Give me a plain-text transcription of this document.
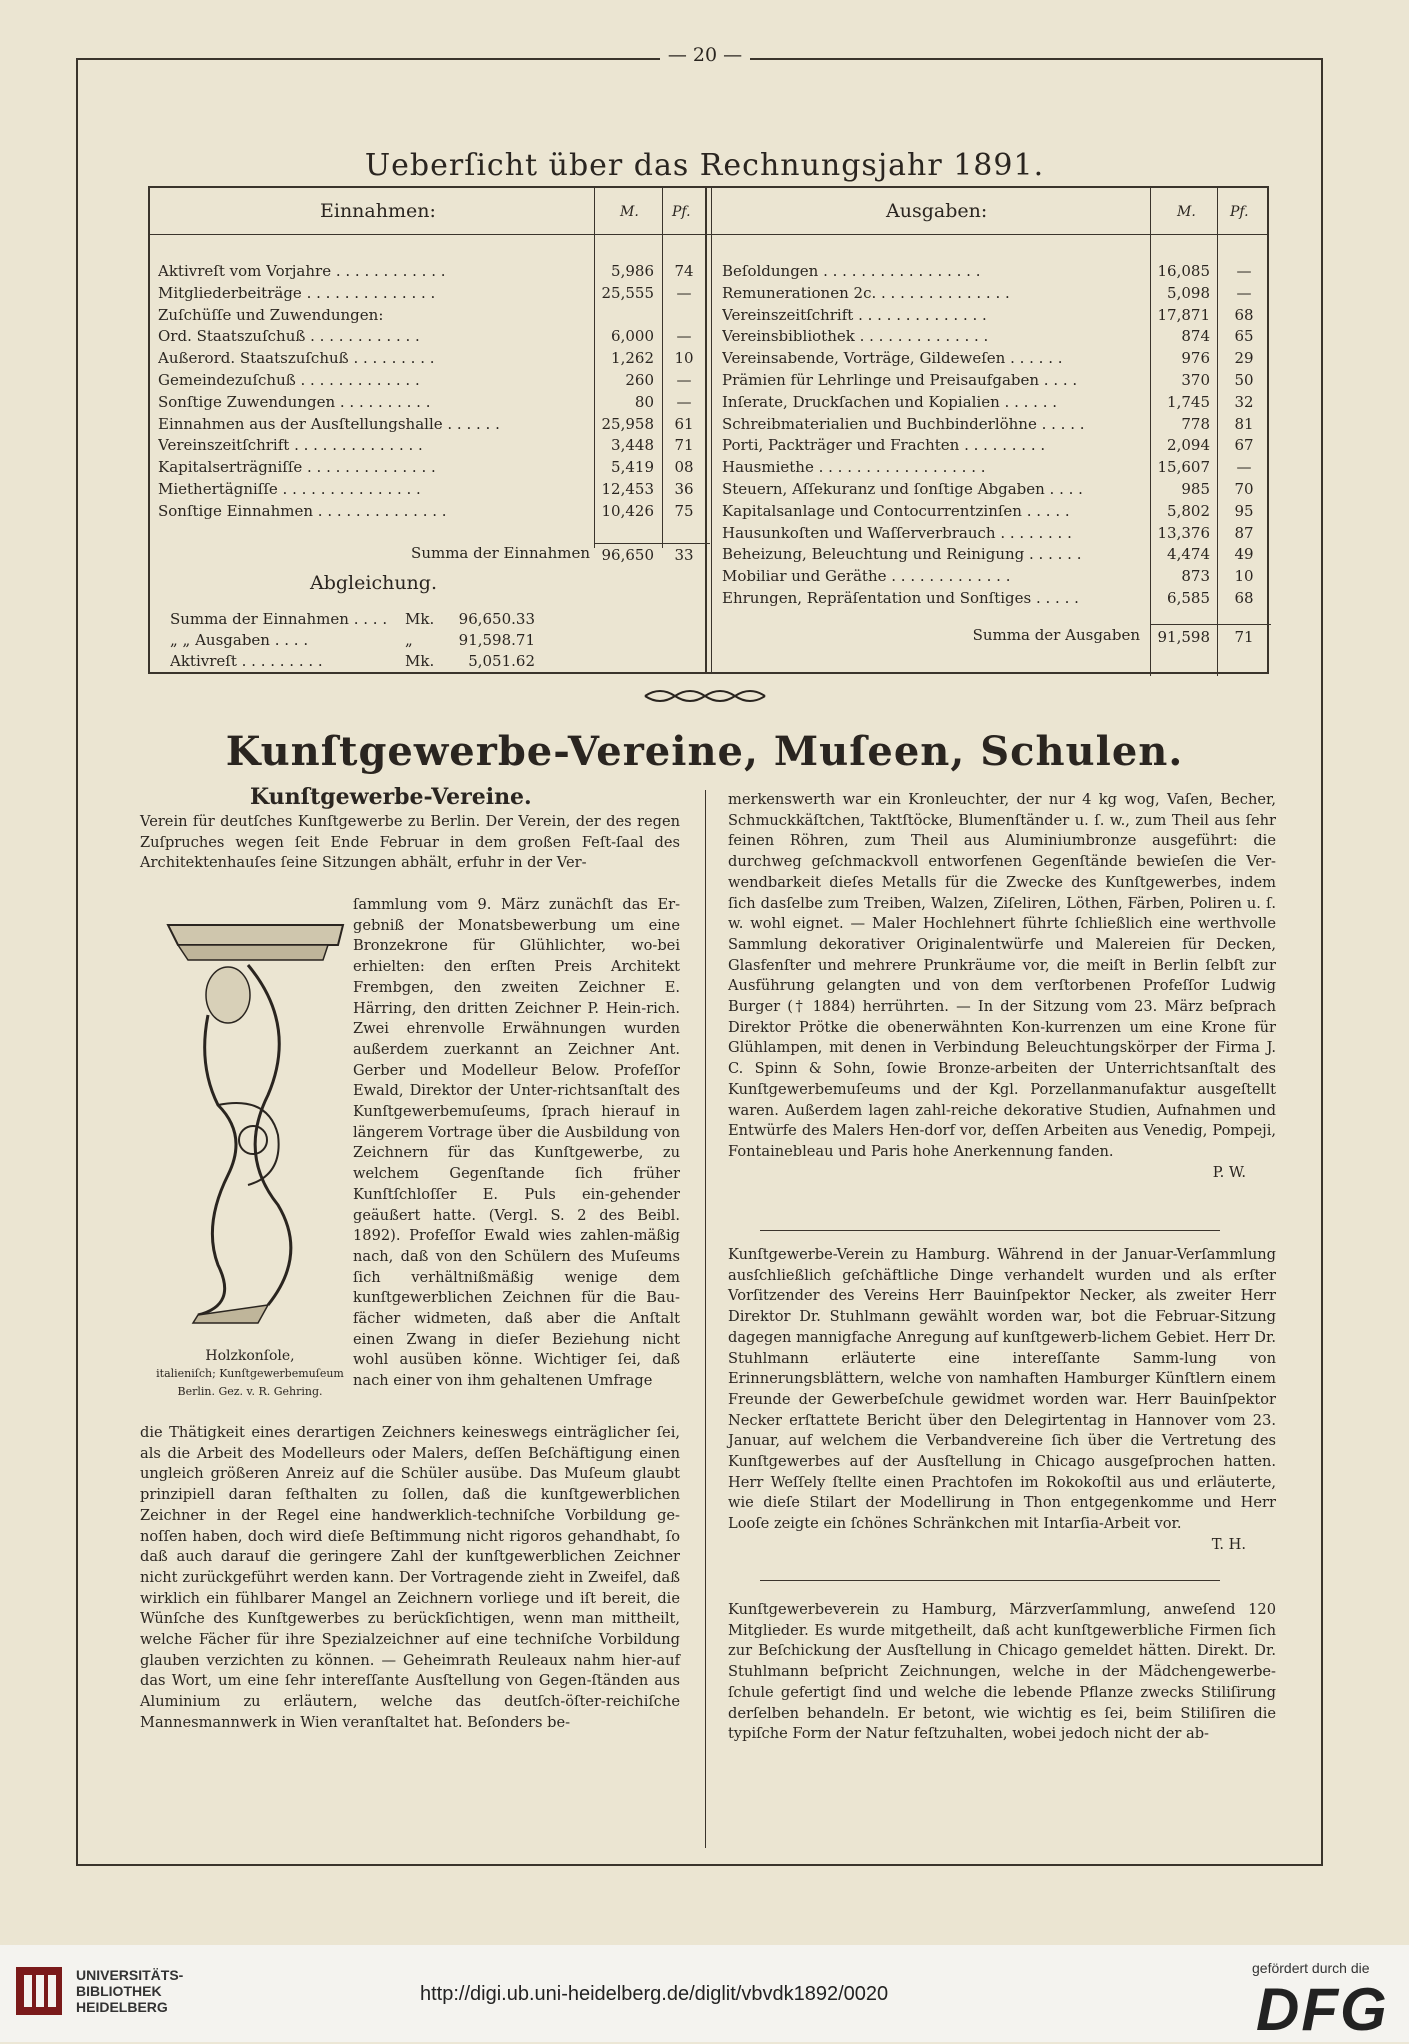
— 20 —
Ueberſicht über das Rechnungsjahr 1891.
Einnahmen:	M. Pf.	Ausgaben:	M. Pf.
Aktivreſt vom Vorjahre . . . . . . . . . . . .	5,986	74
Mitgliederbeiträge . . . . . . . . . . . . . .	25,555	—
Zuſchüſſe und Zuwendungen:
Ord. Staatszuſchuß . . . . . . . . . . . .	6,000	—
Außerord. Staatszuſchuß . . . . . . . . .	1,262	10
Gemeindezuſchuß . . . . . . . . . . . . .	260	—
Sonſtige Zuwendungen . . . . . . . . . .	80	—
Einnahmen aus der Ausſtellungshalle . . . . . .	25,958	61
Vereinszeitſchrift . . . . . . . . . . . . . .	3,448	71
Kapitalserträgniſſe . . . . . . . . . . . . . .	5,419	08
Miethertägniſſe . . . . . . . . . . . . . . .	12,453	36
Sonſtige Einnahmen . . . . . . . . . . . . . .	10,426	75
Beſoldungen . . . . . . . . . . . . . . . . .	16,085	—
Remunerationen 2c. . . . . . . . . . . . . . .	5,098	—
Vereinszeitſchrift . . . . . . . . . . . . . .	17,871	68
Vereinsbibliothek . . . . . . . . . . . . . .	874	65
Vereinsabende, Vorträge, Gildeweſen . . . . . .	976	29
Prämien für Lehrlinge und Preisaufgaben . . . .	370	50
Inſerate, Druckſachen und Kopialien . . . . . .	1,745	32
Schreibmaterialien und Buchbinderlöhne . . . . .	778	81
Porti, Packträger und Frachten . . . . . . . . .	2,094	67
Hausmiethe . . . . . . . . . . . . . . . . . .	15,607	—
Steuern, Aſſekuranz und ſonſtige Abgaben . . . .	985	70
Kapitalsanlage und Contocurrentzinſen . . . . .	5,802	95
Hausunkoſten und Waſſerverbrauch . . . . . . . .	13,376	87
Beheizung, Beleuchtung und Reinigung . . . . . .	4,474	49
Mobiliar und Geräthe . . . . . . . . . . . . .	873	10
Ehrungen, Repräſentation und Sonſtiges . . . . .	6,585	68
Summa der Einnahmen 96,650	33
Summa der Ausgaben 91,598	71
Abgleichung.
Summa der Einnahmen . . . .	Mk.	96,650.33
„ „ Ausgaben . . . .	„	91,598.71
Aktivreſt . . . . . . . . .	Mk.	5,051.62
Kunſtgewerbe-Vereine, Muſeen, Schulen.
Kunſtgewerbe-Vereine.

Verein für deutſches Kunſtgewerbe zu Berlin. Der Verein, der des regen Zuſpruches wegen ſeit Ende Februar in dem großen Feſt-ſaal des Architektenhauſes ſeine Sitzungen abhält, erfuhr in der Ver-

Holzkonſole,
italieniſch; Kunſtgewerbemuſeum
Berlin. Gez. v. R. Gehring.

ſammlung vom 9. März zunächſt das Er-gebniß der Monatsbewerbung um eine Bronzekrone für Glühlichter, wo-bei erhielten: den erſten Preis Architekt Frembgen, den zweiten Zeichner E. Härring, den dritten Zeichner P. Hein-rich. Zwei ehrenvolle Erwähnungen wurden außerdem zuerkannt an Zeichner Ant. Gerber und Modelleur Below. Profeſſor Ewald, Direktor der Unter-richtsanſtalt des Kunſtgewerbemuſeums, ſprach hierauf in längerem Vortrage über die Ausbildung von Zeichnern für das Kunſtgewerbe, zu welchem Gegenſtande ſich früher Kunſtſchloſſer E. Puls ein-gehender geäußert hatte. (Vergl. S. 2 des Beibl. 1892). Profeſſor Ewald wies zahlen-mäßig nach, daß von den Schülern des Muſeums ſich verhältnißmäßig wenige dem kunſtgewerblichen Zeichnen für die Bau-fächer widmeten, daß aber die Anſtalt einen Zwang in dieſer Beziehung nicht wohl ausüben könne. Wichtiger ſei, daß nach einer von ihm gehaltenen Umfrage

die Thätigkeit eines derartigen Zeichners keineswegs einträglicher ſei, als die Arbeit des Modelleurs oder Malers, deſſen Beſchäftigung einen ungleich größeren Anreiz auf die Schüler ausübe. Das Muſeum glaubt prinzipiell daran feſthalten zu ſollen, daß die kunſtgewerblichen Zeichner in der Regel eine handwerklich-techniſche Vorbildung ge-noſſen haben, doch wird dieſe Beſtimmung nicht rigoros gehandhabt, ſo daß auch darauf die geringere Zahl der kunſtgewerblichen Zeichner nicht zurückgeführt werden kann. Der Vortragende zieht in Zweifel, daß wirklich ein fühlbarer Mangel an Zeichnern vorliege und iſt bereit, die Wünſche des Kunſtgewerbes zu berückſichtigen, wenn man mittheilt, welche Fächer für ihre Spezialzeichner auf eine techniſche Vorbildung glauben verzichten zu können. — Geheimrath Reuleaux nahm hier-auf das Wort, um eine ſehr intereſſante Ausſtellung von Gegen-ſtänden aus Aluminium zu erläutern, welche das deutſch-öſter-reichiſche Mannesmannwerk in Wien veranſtaltet hat. Beſonders be-

merkenswerth war ein Kronleuchter, der nur 4 kg wog, Vaſen, Becher, Schmuckkäſtchen, Taktſtöcke, Blumenſtänder u. ſ. w., zum Theil aus ſehr feinen Röhren, zum Theil aus Aluminiumbronze ausgeführt: die durchweg geſchmackvoll entworfenen Gegenſtände bewieſen die Ver-wendbarkeit dieſes Metalls für die Zwecke des Kunſtgewerbes, indem ſich dasſelbe zum Treiben, Walzen, Ziſeliren, Löthen, Färben, Poliren u. ſ. w. wohl eignet. — Maler Hochlehnert führte ſchließlich eine werthvolle Sammlung dekorativer Originalentwürfe und Malereien für Decken, Glasfenſter und mehrere Prunkräume vor, die meiſt in Berlin ſelbſt zur Ausführung gelangten und von dem verſtorbenen Profeſſor Ludwig Burger († 1884) herrührten. — In der Sitzung vom 23. März beſprach Direktor Prötke die obenerwähnten Kon-kurrenzen um eine Krone für Glühlampen, mit denen in Verbindung Beleuchtungskörper der Firma J. C. Spinn & Sohn, ſowie Bronze-arbeiten der Unterrichtsanſtalt des Kunſtgewerbemuſeums und der Kgl. Porzellanmanufaktur ausgeſtellt waren. Außerdem lagen zahl-reiche dekorative Studien, Aufnahmen und Entwürfe des Malers Hen-dorf vor, deſſen Arbeiten aus Venedig, Pompeji, Fontainebleau und Paris hohe Anerkennung fanden.

P. W.

Kunſtgewerbe-Verein zu Hamburg. Während in der Januar-Verſammlung ausſchließlich geſchäftliche Dinge verhandelt wurden und als erſter Vorſitzender des Vereins Herr Bauinſpektor Necker, als zweiter Herr Direktor Dr. Stuhlmann gewählt worden war, bot die Februar-Sitzung dagegen mannigfache Anregung auf kunſtgewerb-lichem Gebiet. Herr Dr. Stuhlmann erläuterte eine intereſſante Samm-lung von Erinnerungsblättern, welche von namhaften Hamburger Künſtlern einem Freunde der Gewerbeſchule gewidmet worden war. Herr Bauinſpektor Necker erſtattete Bericht über den Delegirtentag in Hannover vom 23. Januar, auf welchem die Verbandvereine ſich über die Vertretung des Kunſtgewerbes auf der Ausſtellung in Chicago ausgeſprochen hatten. Herr Weſſely ſtellte einen Prachtofen im Rokokoſtil aus und erläuterte, wie dieſe Stilart der Modellirung in Thon entgegenkomme und Herr Looſe zeigte ein ſchönes Schränkchen mit Intarſia-Arbeit vor.

T. H.

Kunſtgewerbeverein zu Hamburg, Märzverſammlung, anweſend 120 Mitglieder. Es wurde mitgetheilt, daß acht kunſtgewerbliche Firmen ſich zur Beſchickung der Ausſtellung in Chicago gemeldet hätten. Direkt. Dr. Stuhlmann beſpricht Zeichnungen, welche in der Mädchengewerbe-ſchule gefertigt ſind und welche die lebende Pflanze zwecks Stiliſirung derſelben behandeln. Er betont, wie wichtig es ſei, beim Stiliſiren die typiſche Form der Natur feſtzuhalten, wobei jedoch nicht der ab-

UNIVERSITÄTS-
BIBLIOTHEK
HEIDELBERG
http://digi.ub.uni-heidelberg.de/diglit/vbvdk1892/0020
gefördert durch die
DFG
